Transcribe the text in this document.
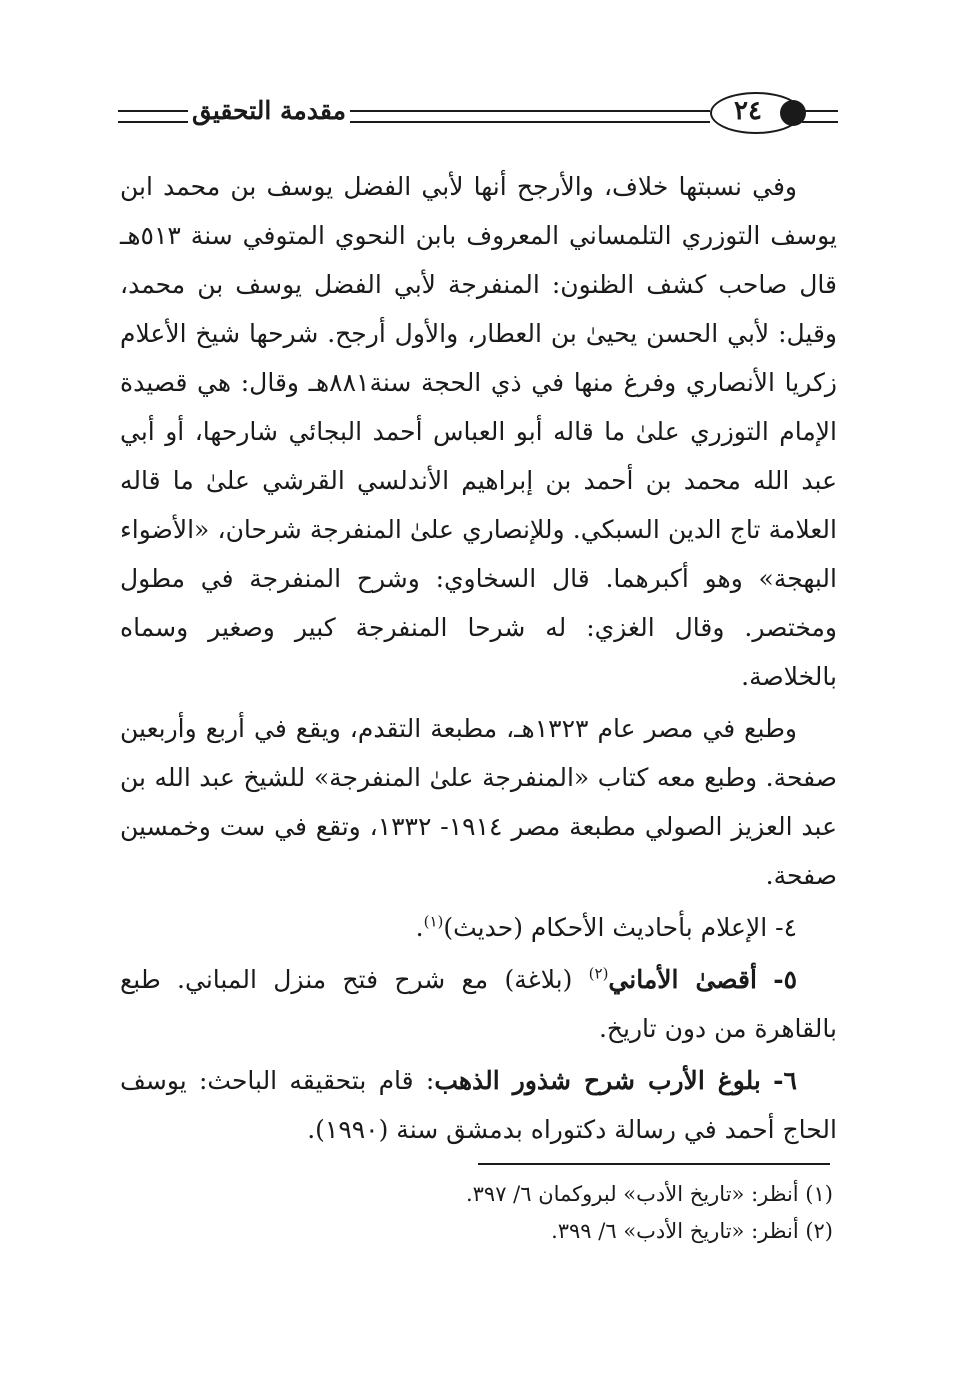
مقدمة التحقيق	٢٤

وفي نسبتها خلاف، والأرجح أنها لأبي الفضل يوسف بن محمد ابن يوسف التوزري التلمساني المعروف بابن النحوي المتوفي سنة ٥١٣هـ قال صاحب كشف الظنون: المنفرجة لأبي الفضل يوسف بن محمد، وقيل: لأبي الحسن يحيىٰ بن العطار، والأول أرجح. شرحها شيخ الأعلام زكريا الأنصاري وفرغ منها في ذي الحجة سنة٨٨١هـ وقال: هي قصيدة الإمام التوزري علىٰ ما قاله أبو العباس أحمد البجائي شارحها، أو أبي عبد الله محمد بن أحمد بن إبراهيم الأندلسي القرشي علىٰ ما قاله العلامة تاج الدين السبكي. وللإنصاري علىٰ المنفرجة شرحان، «الأضواء البهجة» وهو أكبرهما. قال السخاوي: وشرح المنفرجة في مطول ومختصر. وقال الغزي: له شرحا المنفرجة كبير وصغير وسماه بالخلاصة.

وطبع في مصر عام ١٣٢٣هـ، مطبعة التقدم، ويقع في أربع وأربعين صفحة. وطبع معه كتاب «المنفرجة علىٰ المنفرجة» للشيخ عبد الله بن عبد العزيز الصولي مطبعة مصر ١٩١٤- ١٣٣٢، وتقع في ست وخمسين صفحة.

٤- الإعلام بأحاديث الأحكام (حديث)$^{(١)}$.

٥- أقصىٰ الأماني$^{(٢)}$ (بلاغة) مع شرح فتح منزل المباني. طبع بالقاهرة من دون تاريخ.

٦- بلوغ الأرب شرح شذور الذهب: قام بتحقيقه الباحث: يوسف الحاج أحمد في رسالة دكتوراه بدمشق سنة (١٩٩٠).

(١) أنظر: «تاريخ الأدب» لبروكمان ٦/ ٣٩٧.
(٢) أنظر: «تاريخ الأدب» ٦/ ٣٩٩.
